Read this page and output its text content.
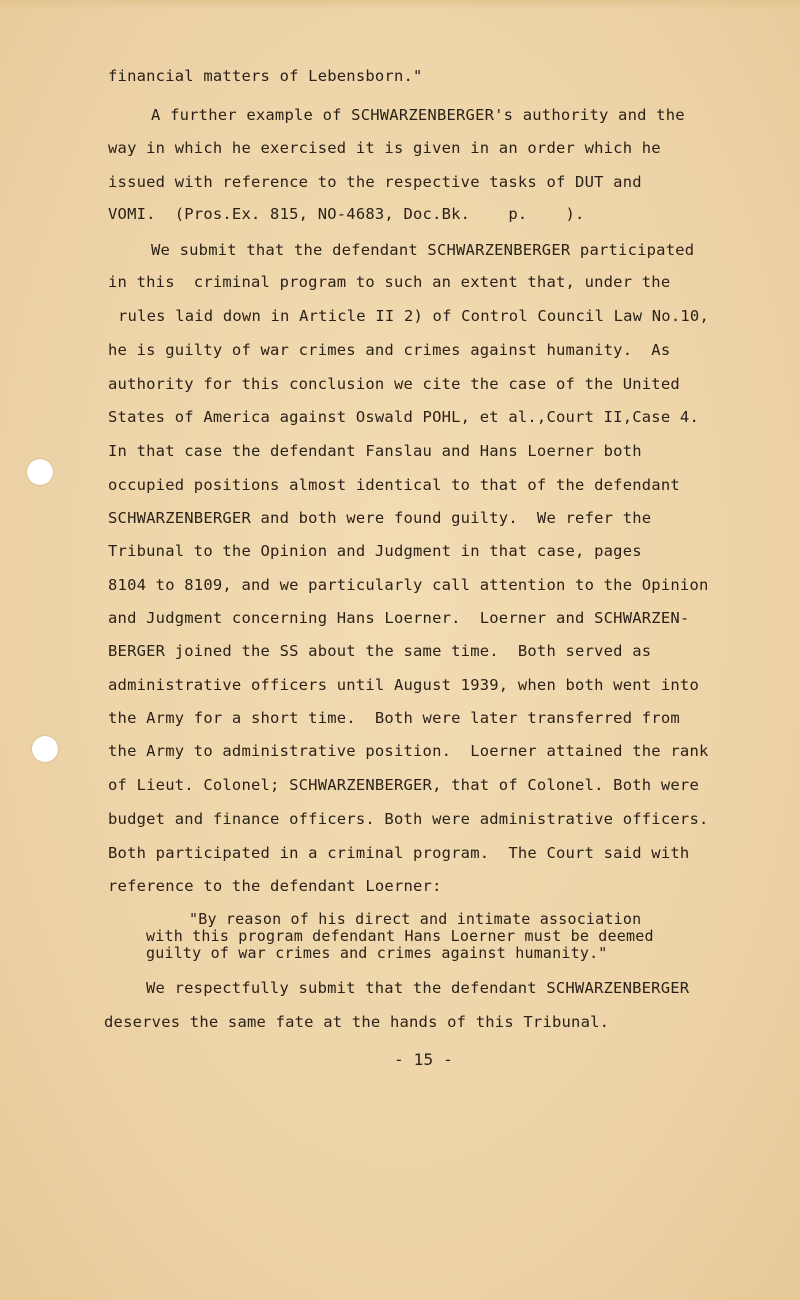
financial matters of Lebensborn."
A further example of SCHWARZENBERGER's authority and the
way in which he exercised it is given in an order which he
issued with reference to the respective tasks of DUT and
VOMI.  (Pros.Ex. 815, NO-4683, Doc.Bk.    p.    ).
We submit that the defendant SCHWARZENBERGER participated
in this  criminal program to such an extent that, under the
rules laid down in Article II 2) of Control Council Law No.10,
he is guilty of war crimes and crimes against humanity.  As
authority for this conclusion we cite the case of the United
States of America against Oswald POHL, et al.,Court II,Case 4.
In that case the defendant Fanslau and Hans Loerner both
occupied positions almost identical to that of the defendant
SCHWARZENBERGER and both were found guilty.  We refer the
Tribunal to the Opinion and Judgment in that case, pages
8104 to 8109, and we particularly call attention to the Opinion
and Judgment concerning Hans Loerner.  Loerner and SCHWARZEN-
BERGER joined the SS about the same time.  Both served as
administrative officers until August 1939, when both went into
the Army for a short time.  Both were later transferred from
the Army to administrative position.  Loerner attained the rank
of Lieut. Colonel; SCHWARZENBERGER, that of Colonel. Both were
budget and finance officers. Both were administrative officers.
Both participated in a criminal program.  The Court said with
reference to the defendant Loerner:
"By reason of his direct and intimate association
with this program defendant Hans Loerner must be deemed
guilty of war crimes and crimes against humanity."
We respectfully submit that the defendant SCHWARZENBERGER
deserves the same fate at the hands of this Tribunal.
- 15 -
